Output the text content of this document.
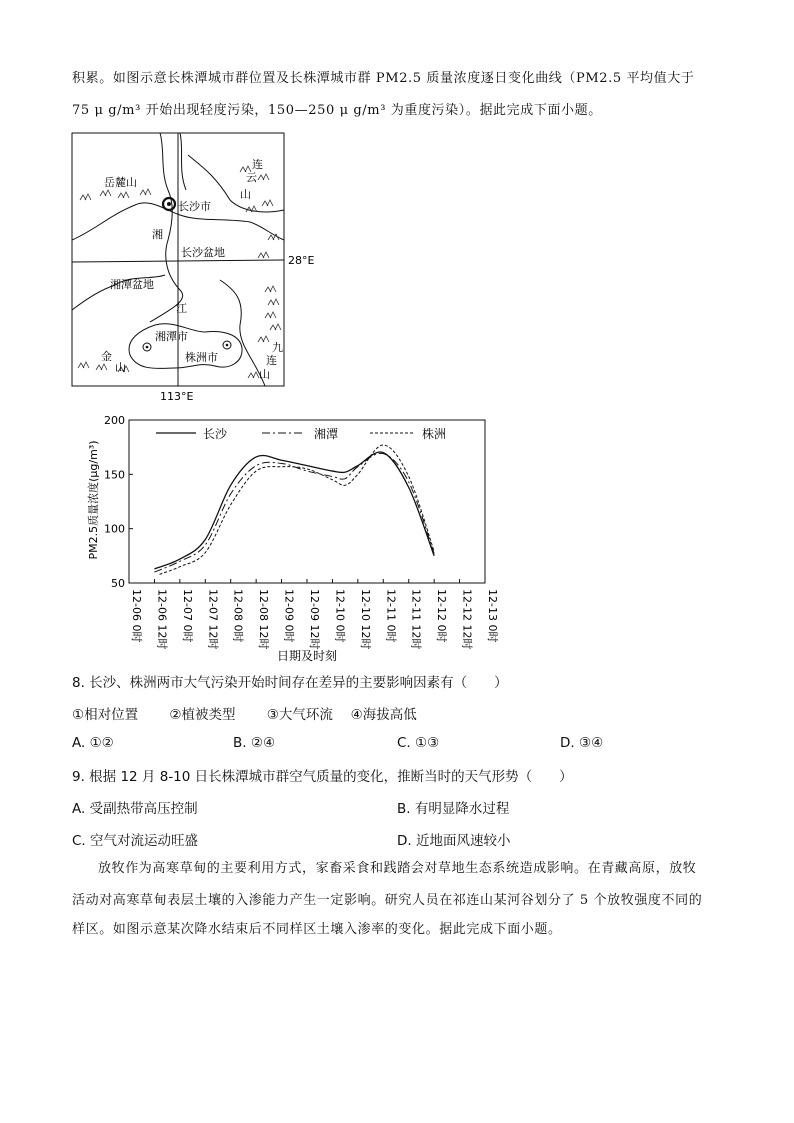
积累。如图示意长株潭城市群位置及长株潭城市群 PM2.5 质量浓度逐日变化曲线（PM2.5 平均值大于
75 μ g/m³ 开始出现轻度污染，150—250 μ g/m³ 为重度污染）。据此完成下面小题。
岳麓山
长沙市
湘
长沙盆地
28°E
连
云
山
湘潭盆地
江
湘潭市
株洲市
金
山
九
连
山
113°E
200
150
100
50
12-06 0时 12-06 12时 12-07 0时 12-07 12时 12-08 0时 12-08 12时 12-09 0时 12-09 12时 12-10 0时 12-10 12时 12-11 0时 12-11 12时 12-12 0时 12-12 12时 12-13 0时
长沙	湘潭	株洲
PM2.5质量浓度(μg/m³)
日期及时刻
8. 长沙、株洲两市大气污染开始时间存在差异的主要影响因素有（　　）
①相对位置　　 ②植被类型　　 ③大气环流　 ④海拔高低
A. ①②	B. ②④	C. ①③	D. ③④
9. 根据 12 月 8-10 日长株潭城市群空气质量的变化，推断当时的天气形势（　　）
A. 受副热带高压控制	B. 有明显降水过程
C. 空气对流运动旺盛	D. 近地面风速较小
放牧作为高寒草甸的主要利用方式，家畜采食和践踏会对草地生态系统造成影响。在青藏高原，放牧
活动对高寒草甸表层土壤的入渗能力产生一定影响。研究人员在祁连山某河谷划分了 5 个放牧强度不同的
样区。如图示意某次降水结束后不同样区土壤入渗率的变化。据此完成下面小题。
